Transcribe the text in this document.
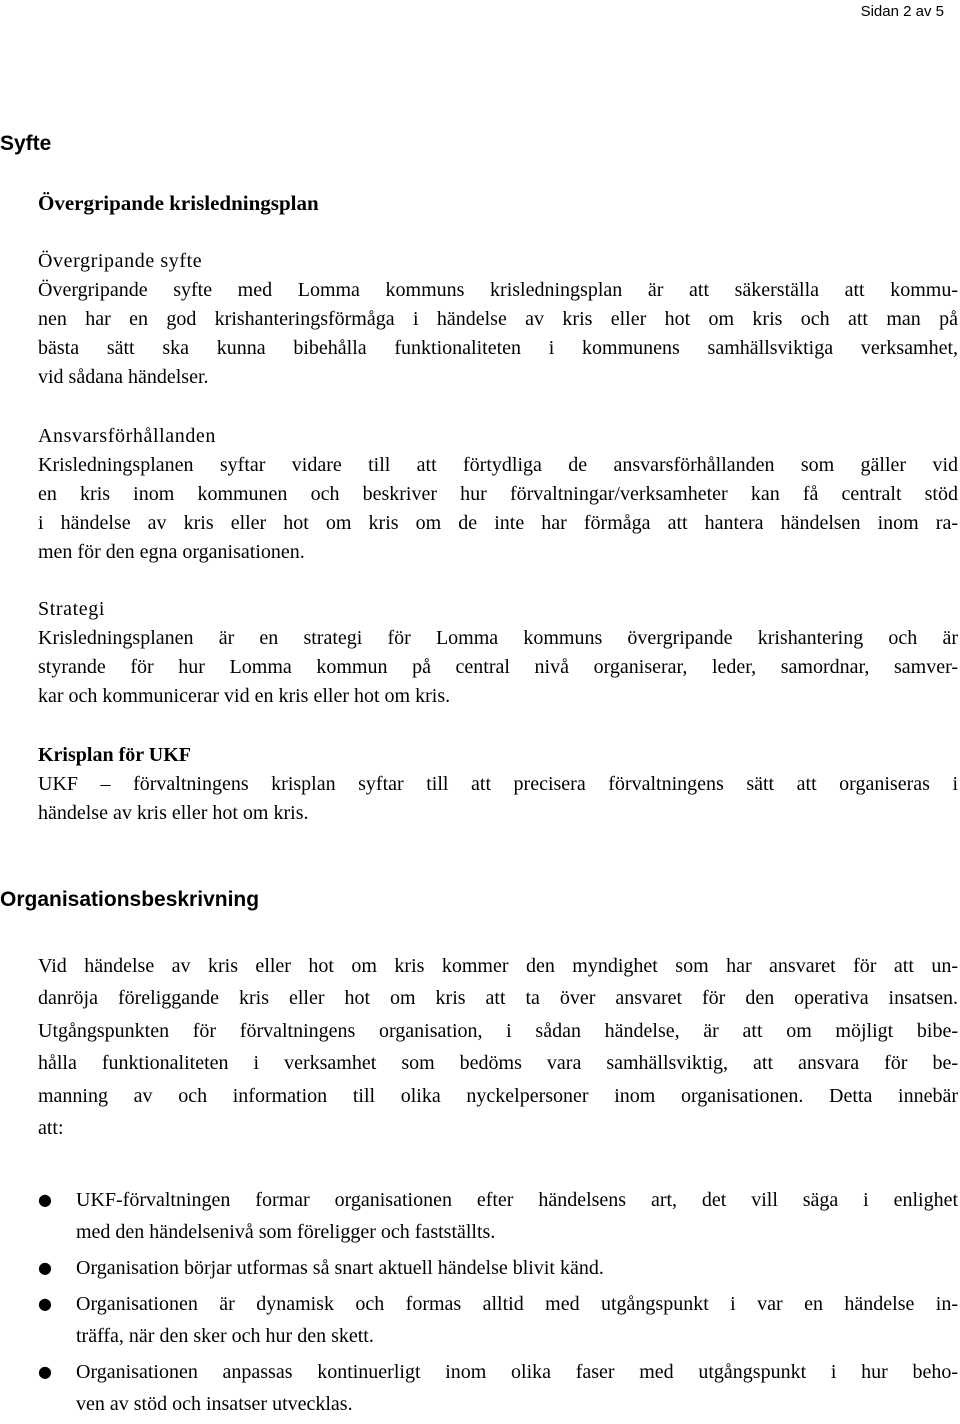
Sidan 2 av 5
Syfte
Övergripande krisledningsplan
Övergripande syfte
Övergripande syfte med Lomma kommuns krisledningsplan är att säkerställa att kommu-
nen har en god krishanteringsförmåga i händelse av kris eller hot om kris och att man på
bästa sätt ska kunna bibehålla funktionaliteten i kommunens samhällsviktiga verksamhet,
vid sådana händelser.
Ansvarsförhållanden
Krisledningsplanen syftar vidare till att förtydliga de ansvarsförhållanden som gäller vid
en kris inom kommunen och beskriver hur förvaltningar/verksamheter kan få centralt stöd
i händelse av kris eller hot om kris om de inte har förmåga att hantera händelsen inom ra-
men för den egna organisationen.
Strategi
Krisledningsplanen är en strategi för Lomma kommuns övergripande krishantering och är
styrande för hur Lomma kommun på central nivå organiserar, leder, samordnar, samver-
kar och kommunicerar vid en kris eller hot om kris.
Krisplan för UKF
UKF – förvaltningens krisplan syftar till att precisera förvaltningens sätt att organiseras i
händelse av kris eller hot om kris.
Organisationsbeskrivning
Vid händelse av kris eller hot om kris kommer den myndighet som har ansvaret för att un-
danröja föreliggande kris eller hot om kris att ta över ansvaret för den operativa insatsen.
Utgångspunkten för förvaltningens organisation, i sådan händelse, är att om möjligt bibe-
hålla funktionaliteten i verksamhet som bedöms vara samhällsviktig, att ansvara för be-
manning av och information till olika nyckelpersoner inom organisationen. Detta innebär
att:
● UKF-förvaltningen formar organisationen efter händelsens art, det vill säga i enlighet
med den händelsenivå som föreligger och fastställts.
● Organisation börjar utformas så snart aktuell händelse blivit känd.
● Organisationen är dynamisk och formas alltid med utgångspunkt i var en händelse in-
träffa, när den sker och hur den skett.
● Organisationen anpassas kontinuerligt inom olika faser med utgångspunkt i hur beho-
ven av stöd och insatser utvecklas.
